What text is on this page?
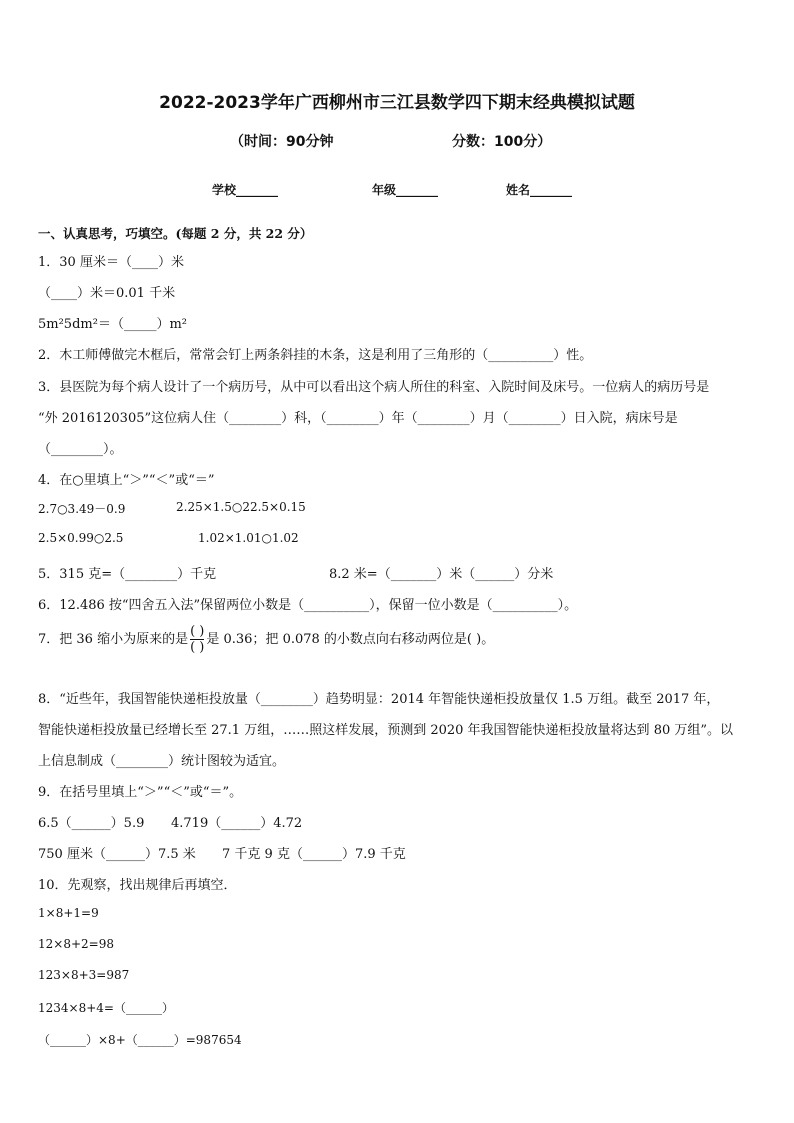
2022-2023学年广西柳州市三江县数学四下期末经典模拟试题
（时间：90分钟	分数：100分）
学校_______	年级_______	姓名_______
一、认真思考，巧填空。(每题 2 分，共 22 分）
1．30 厘米＝（____）米
（____）米＝0.01 千米
5m²5dm²＝（_____）m²
2．木工师傅做完木框后，常常会钉上两条斜挂的木条，这是利用了三角形的（__________）性。
3．县医院为每个病人设计了一个病历号，从中可以看出这个病人所住的科室、入院时间及床号。一位病人的病历号是
“外 2016120305”这位病人住（________）科，（________）年（________）月（________）日入院，病床号是
（________）。
4．在○里填上“＞”“＜”或“＝”
2.7○3.49－0.9	2.25×1.5○22.5×0.15
2.5×0.99○2.5	1.02×1.01○1.02
5．315 克=（________）千克	8.2 米=（_______）米（______）分米
6．12.486 按“四舍五入法”保留两位小数是（__________），保留一位小数是（__________）。
7．把 36 缩小为原来的是 $\frac{( )}{( )}$ 是 0.36；把 0.078 的小数点向右移动两位是( )。
8．“近些年，我国智能快递柜投放量（________）趋势明显：2014 年智能快递柜投放量仅 1.5 万组。截至 2017 年，
智能快递柜投放量已经增长至 27.1 万组，……照这样发展，预测到 2020 年我国智能快递柜投放量将达到 80 万组”。以
上信息制成（________）统计图较为适宜。
9．在括号里填上“＞”“＜”或“＝”。
6.5（______）5.9 4.719（______）4.72
750 厘米（______）7.5 米 7 千克 9 克（______）7.9 千克
10．先观察，找出规律后再填空．
1×8+1=9
12×8+2=98
123×8+3=987
1234×8+4=（______）
（______）×8+（______）=987654
